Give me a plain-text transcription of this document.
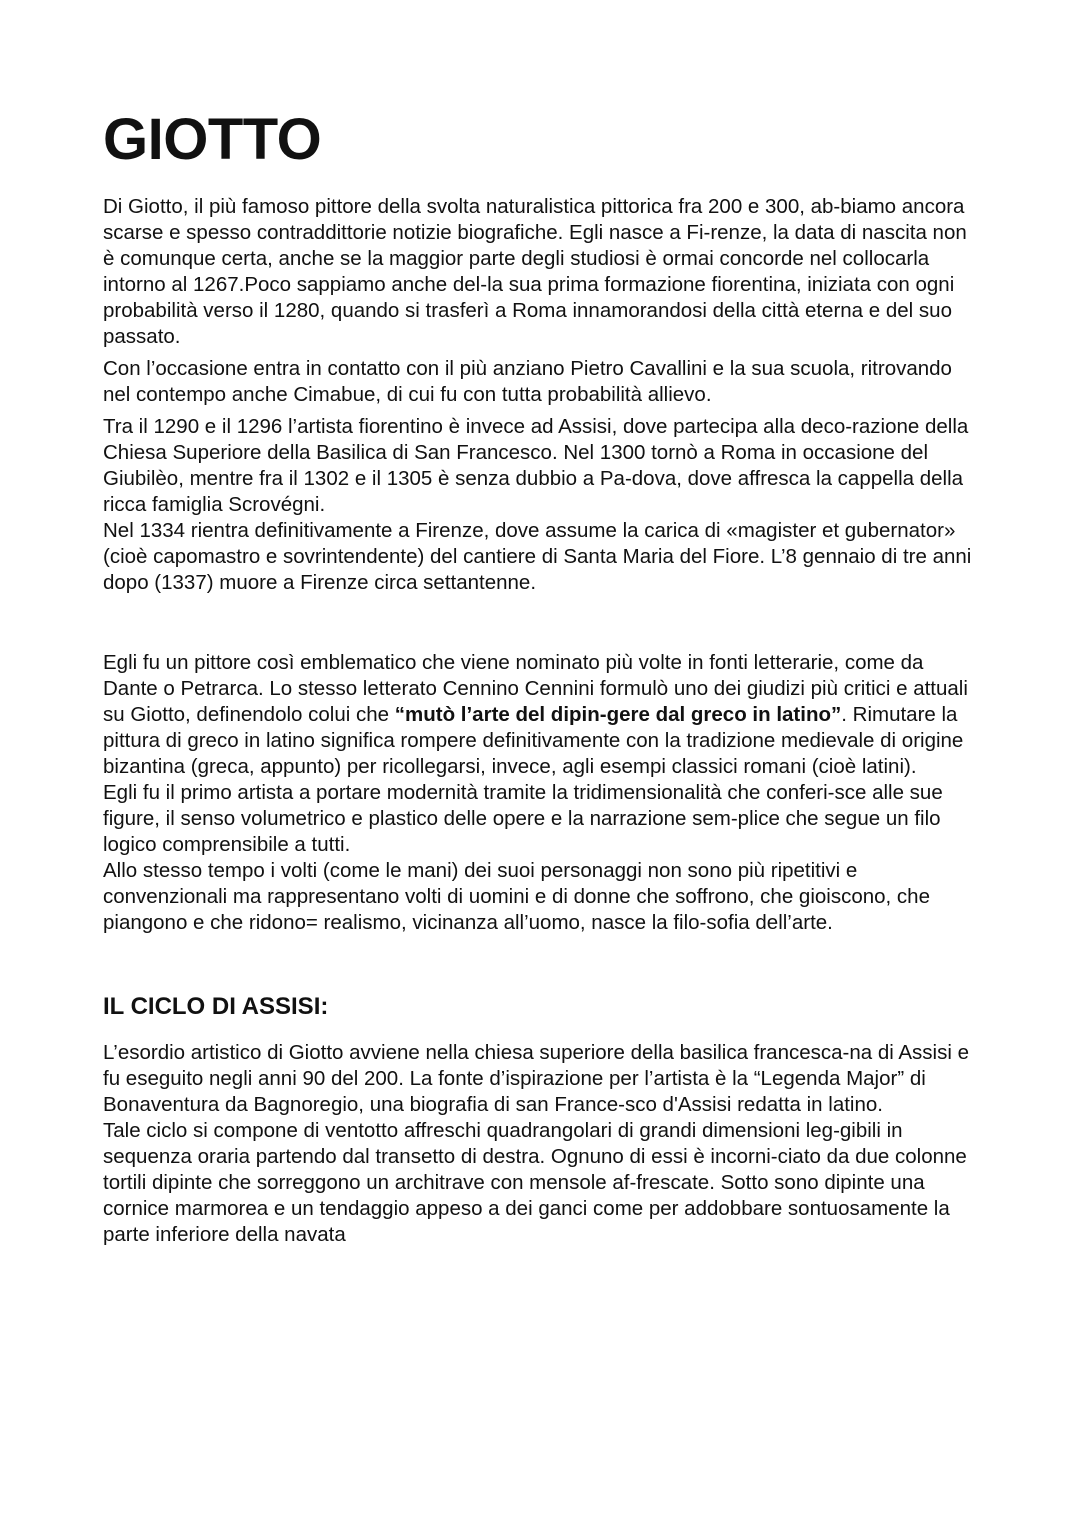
GIOTTO

Di Giotto, il più famoso pittore della svolta naturalistica pittorica fra 200 e 300, ab-biamo ancora scarse e spesso contraddittorie notizie biografiche. Egli nasce a Fi-renze, la data di nascita non è comunque certa, anche se la maggior parte degli studiosi è ormai concorde nel collocarla intorno al 1267.Poco sappiamo anche del-la sua prima formazione fiorentina, iniziata con ogni probabilità verso il 1280, quando si trasferì a Roma innamorandosi della città eterna e del suo passato.

Con l’occasione entra in contatto con il più anziano Pietro Cavallini e la sua scuola, ritrovando nel contempo anche Cimabue, di cui fu con tutta probabilità allievo.

Tra il 1290 e il 1296 l’artista fiorentino è invece ad Assisi, dove partecipa alla deco-razione della Chiesa Superiore della Basilica di San Francesco. Nel 1300 tornò a Roma in occasione del Giubilèo, mentre fra il 1302 e il 1305 è senza dubbio a Pa-dova, dove affresca la cappella della ricca famiglia Scrovégni.

Nel 1334 rientra definitivamente a Firenze, dove assume la carica di «magister et gubernator» (cioè capomastro e sovrintendente) del cantiere di Santa Maria del Fiore. L’8 gennaio di tre anni dopo (1337) muore a Firenze circa settantenne.

Egli fu un pittore così emblematico che viene nominato più volte in fonti letterarie, come da Dante o Petrarca. Lo stesso letterato Cennino Cennini formulò uno dei giudizi più critici e attuali su Giotto, definendolo colui che “mutò l’arte del dipin-gere dal greco in latino”. Rimutare la pittura di greco in latino significa rompere definitivamente con la tradizione medievale di origine bizantina (greca, appunto) per ricollegarsi, invece, agli esempi classici romani (cioè latini).

Egli fu il primo artista a portare modernità tramite la tridimensionalità che conferi-sce alle sue figure, il senso volumetrico e plastico delle opere e la narrazione sem-plice che segue un filo logico comprensibile a tutti.

Allo stesso tempo i volti (come le mani) dei suoi personaggi non sono più ripetitivi e convenzionali ma rappresentano volti di uomini e di donne che soffrono, che gioiscono, che piangono e che ridono= realismo, vicinanza all’uomo, nasce la filo-sofia dell’arte.

IL CICLO DI ASSISI:

L’esordio artistico di Giotto avviene nella chiesa superiore della basilica francesca-na di Assisi e fu eseguito negli anni 90 del 200. La fonte d’ispirazione per l’artista è la “Legenda Major” di Bonaventura da Bagnoregio, una biografia di san France-sco d'Assisi redatta in latino.

Tale ciclo si compone di ventotto affreschi quadrangolari di grandi dimensioni leg-gibili in sequenza oraria partendo dal transetto di destra. Ognuno di essi è incorni-ciato da due colonne tortili dipinte che sorreggono un architrave con mensole af-frescate. Sotto sono dipinte una cornice marmorea e un tendaggio appeso a dei ganci come per addobbare sontuosamente la parte inferiore della navata
